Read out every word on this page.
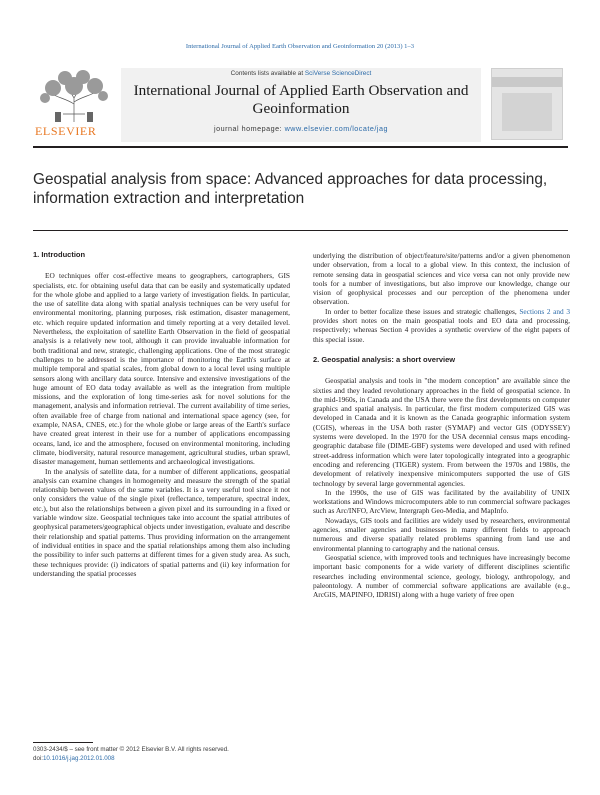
International Journal of Applied Earth Observation and Geoinformation 20 (2013) 1–3
ELSEVIER
Contents lists available at SciVerse ScienceDirect
International Journal of Applied Earth Observation and Geoinformation
journal homepage: www.elsevier.com/locate/jag
Geospatial analysis from space: Advanced approaches for data processing, information extraction and interpretation
1. Introduction

EO techniques offer cost-effective means to geographers, cartographers, GIS specialists, etc. for obtaining useful data that can be easily and systematically updated for the whole globe and applied to a large variety of investigation fields. In particular, the use of satellite data along with spatial analysis techniques can be very useful for environmental monitoring, planning purposes, risk estimation, disaster management, etc. which require updated information and timely reporting at a very detailed level. Nevertheless, the exploitation of satellite Earth Observation in the field of geospatial analysis is a relatively new tool, although it can provide invaluable information for both traditional and new, strategic, challenging applications. One of the most strategic challenges to be addressed is the importance of monitoring the Earth's surface at multiple temporal and spatial scales, from global down to a local level using multiple sensors along with ancillary data source. Intensive and extensive investigations of the huge amount of EO data today available as well as the integration from multiple missions, and the exploration of long time-series ask for novel solutions for the management, analysis and information retrieval. The current availability of time series, often available free of charge from national and international space agency (see, for example, NASA, CNES, etc.) for the whole globe or large areas of the Earth's surface have created great interest in their use for a number of applications encompassing oceans, land, ice and the atmosphere, focused on environmental monitoring, including climate, biodiversity, natural resource management, agricultural studies, urban sprawl, disaster management, human settlements and archaeological investigations.

In the analysis of satellite data, for a number of different applications, geospatial analysis can examine changes in homogeneity and measure the strength of the spatial relationship between values of the same variables. It is a very useful tool since it not only considers the value of the single pixel (reflectance, temperature, spectral index, etc.), but also the relationships between a given pixel and its surrounding in a fixed or variable window size. Geospatial techniques take into account the spatial attributes of geophysical parameters/geographical objects under investigation, evaluate and describe their relationship and spatial patterns. Thus providing information on the arrangement of individual entities in space and the spatial relationships among them also including the possibility to infer such patterns at different times for a given study area. As such, these techniques provide: (i) indicators of spatial patterns and (ii) key information for understanding the spatial processes

underlying the distribution of object/feature/site/patterns and/or a given phenomenon under observation, from a local to a global view. In this context, the inclusion of remote sensing data in geospatial sciences and vice versa can not only provide new tools for a number of investigations, but also improve our knowledge, change our vision of geophysical processes and our perception of the phenomena under observation.

In order to better focalize these issues and strategic challenges, Sections 2 and 3 provides short notes on the main geospatial tools and EO data and processing, respectively; whereas Section 4 provides a synthetic overview of the eight papers of this special issue.

2. Geospatial analysis: a short overview

Geospatial analysis and tools in "the modern conception" are available since the sixties and they leaded revolutionary approaches in the field of geospatial science. In the mid-1960s, in Canada and the USA there were the first developments on computer graphics and spatial analysis. In particular, the first modern computerized GIS was developed in Canada and it is known as the Canada geographic information system (CGIS), whereas in the USA both raster (SYMAP) and vector GIS (ODYSSEY) systems were developed. In the 1970 for the USA decennial census maps encoding-geographic database file (DIME-GBF) systems were developed and used with refined street-address information which were later topologically integrated into a geographic encoding and referencing (TIGER) system. From between the 1970s and 1980s, the development of relatively inexpensive minicomputers supported the use of GIS technology by several large governmental agencies.

In the 1990s, the use of GIS was facilitated by the availability of UNIX workstations and Windows microcomputers able to run commercial software packages such as Arc/INFO, ArcView, Intergraph Geo-Media, and MapInfo.

Nowadays, GIS tools and facilities are widely used by researchers, environmental agencies, smaller agencies and businesses in many different fields to approach numerous and diverse spatially related problems spanning from land use and environmental planning to cartography and the national census.

Geospatial science, with improved tools and techniques have increasingly become important basic components for a wide variety of different disciplines scientific researches including environmental science, geology, biology, anthropology, and paleontology. A number of commercial software applications are available (e.g., ArcGIS, MAPINFO, IDRISI) along with a huge variety of free open

0303-2434/$ – see front matter © 2012 Elsevier B.V. All rights reserved.
doi:10.1016/j.jag.2012.01.008
